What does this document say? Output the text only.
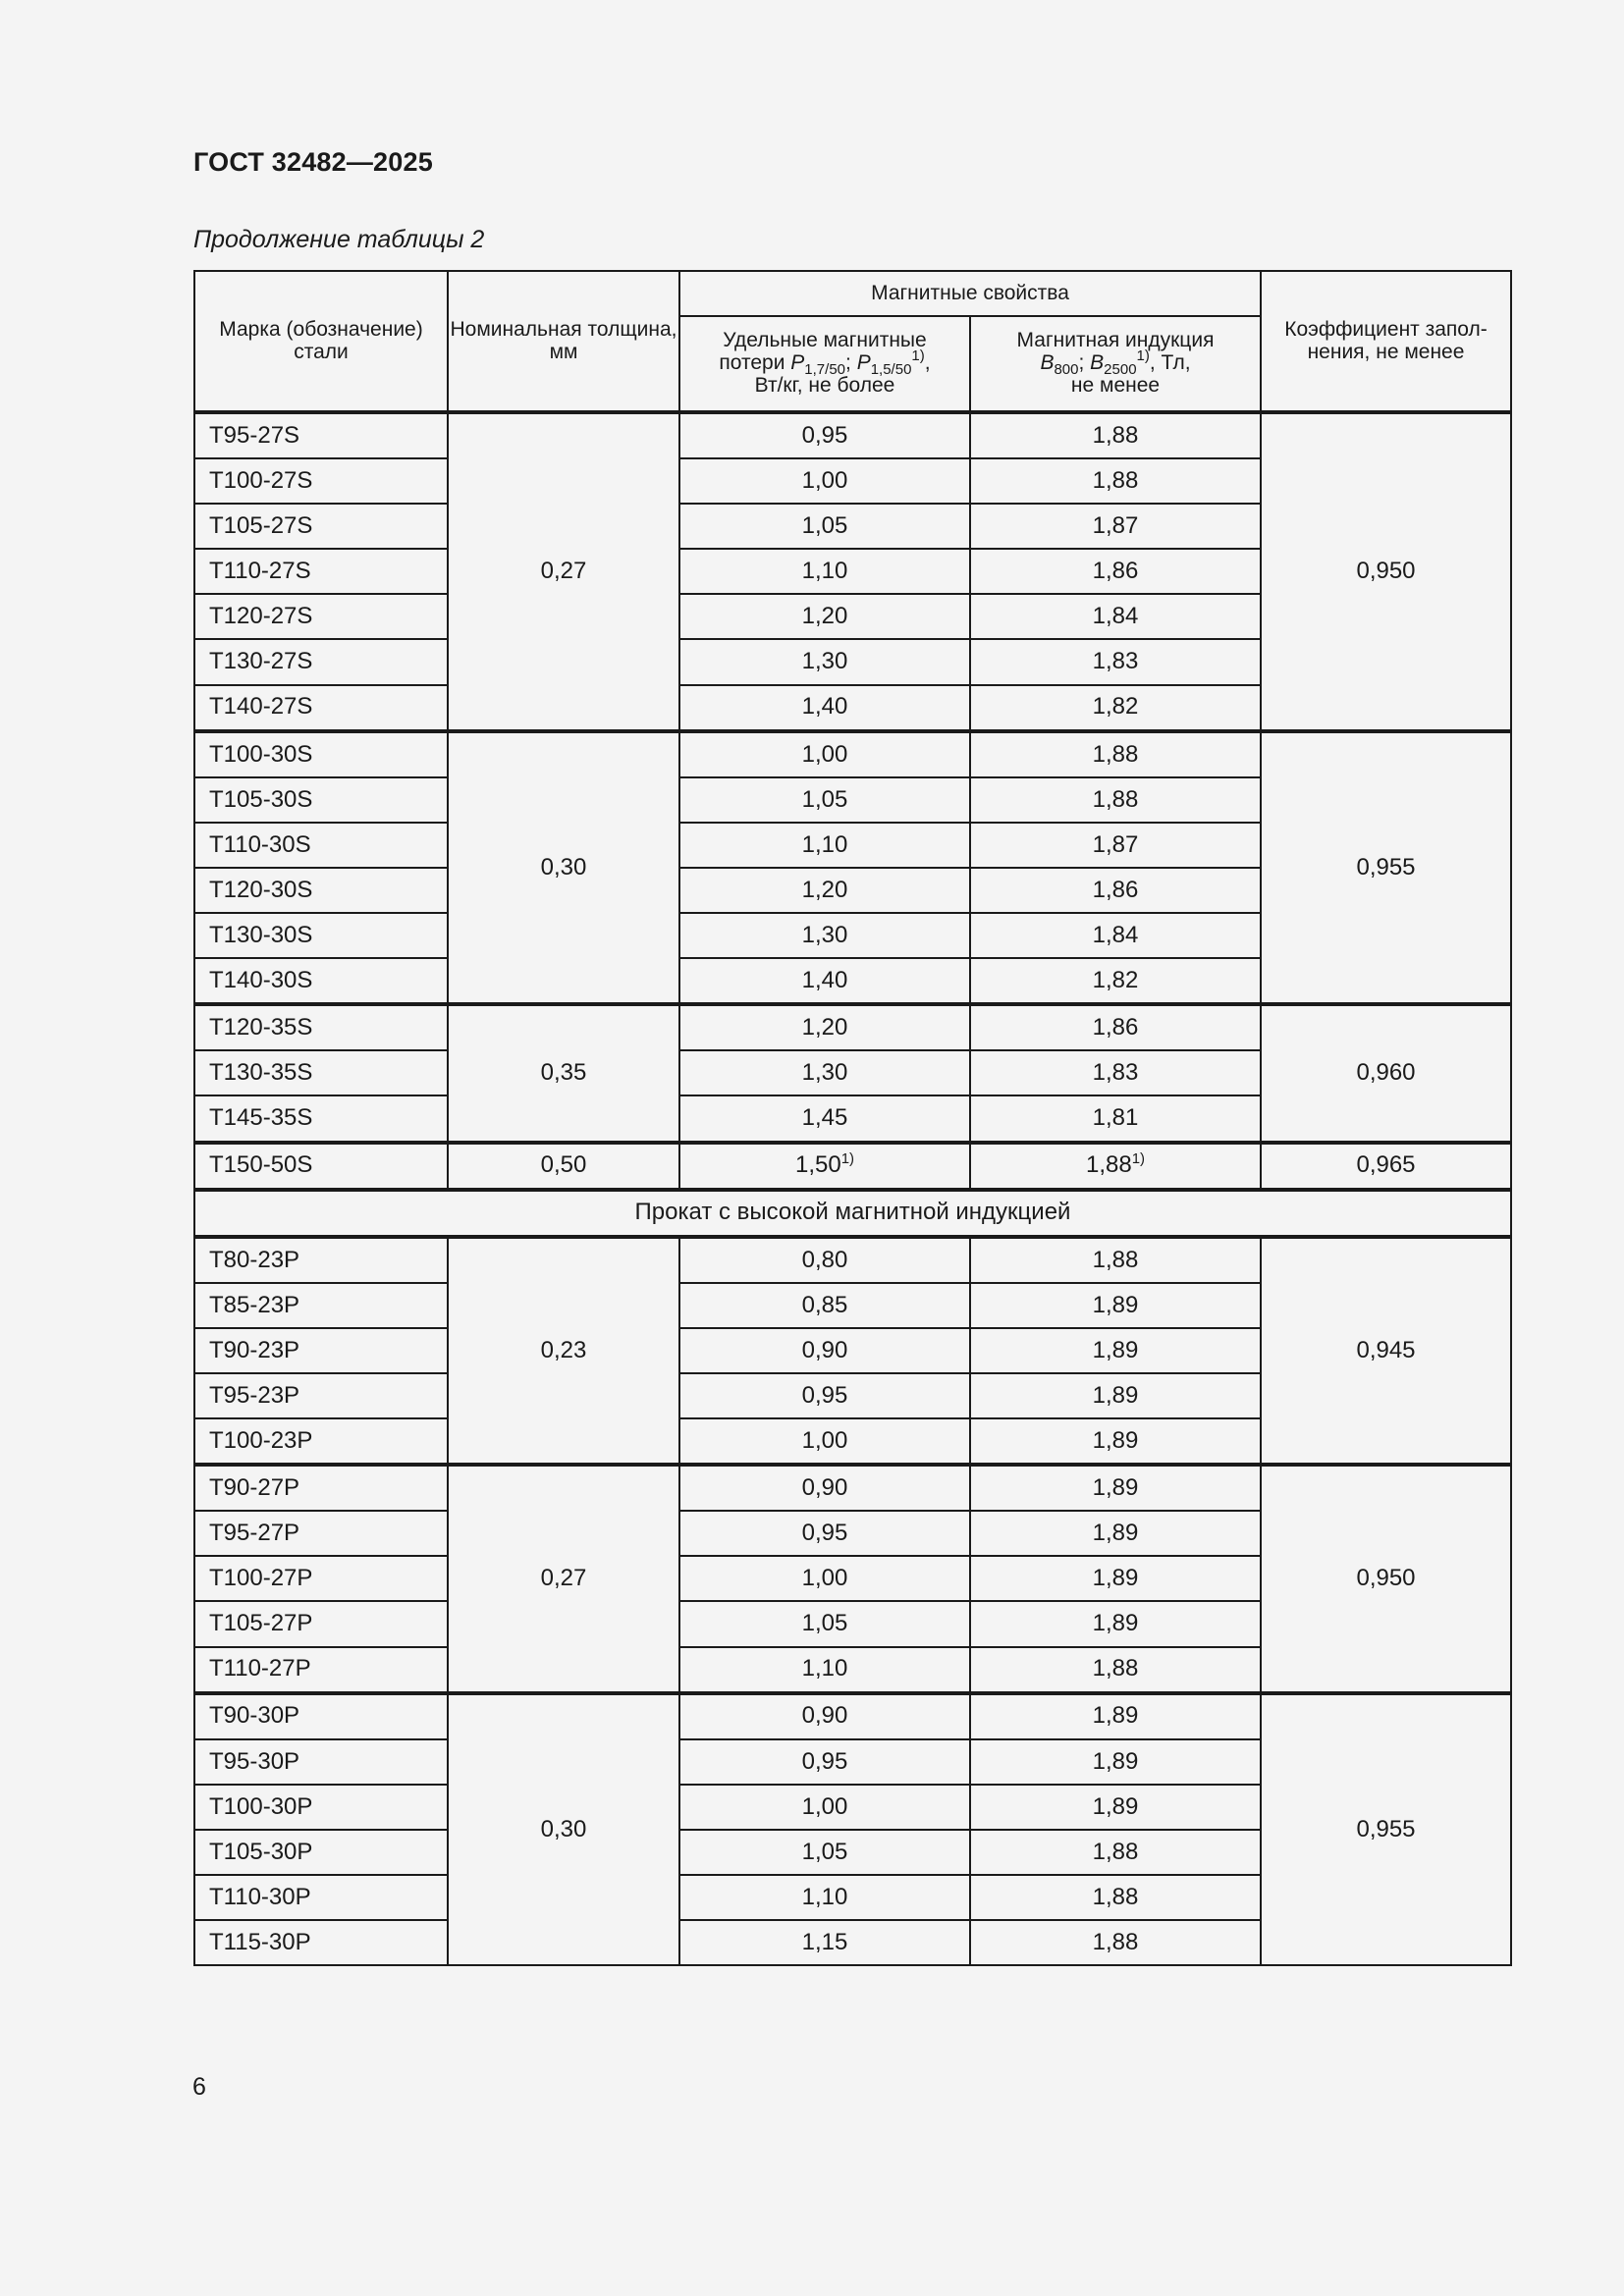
ГОСТ 32482—2025
Продолжение таблицы 2
Марка (обозначение) стали	Номинальная толщина, мм	Магнитные свойства		Коэффициент запол-нения, не менее
		Удельные магнитные
потери $P_{1,7/50}$; $P_{1,5/50}^{1)}$,
Вт/кг, не более	Магнитная индукция
$B_{800}$; $B_{2500}^{1)}$, Тл,
не менее	
T95-27S	0,27	0,95	1,88	0,950
T100-27S		1,00	1,88	
T105-27S		1,05	1,87	
T110-27S		1,10	1,86	
T120-27S		1,20	1,84	
T130-27S		1,30	1,83	
T140-27S		1,40	1,82	
T100-30S	0,30	1,00	1,88	0,955
T105-30S		1,05	1,88	
T110-30S		1,10	1,87	
T120-30S		1,20	1,86	
T130-30S		1,30	1,84	
T140-30S		1,40	1,82	
T120-35S	0,35	1,20	1,86	0,960
T130-35S		1,30	1,83	
T145-35S		1,45	1,81	
T150-50S	0,50	1,50$^{1)}$	1,88$^{1)}$	0,965
Прокат с высокой магнитной индукцией				
T80-23P	0,23	0,80	1,88	0,945
T85-23P		0,85	1,89	
T90-23P		0,90	1,89	
T95-23P		0,95	1,89	
T100-23P		1,00	1,89	
T90-27P	0,27	0,90	1,89	0,950
T95-27P		0,95	1,89	
T100-27P		1,00	1,89	
T105-27P		1,05	1,89	
T110-27P		1,10	1,88	
T90-30P	0,30	0,90	1,89	0,955
T95-30P		0,95	1,89	
T100-30P		1,00	1,89	
T105-30P		1,05	1,88	
T110-30P		1,10	1,88	
T115-30P		1,15	1,88	
6
